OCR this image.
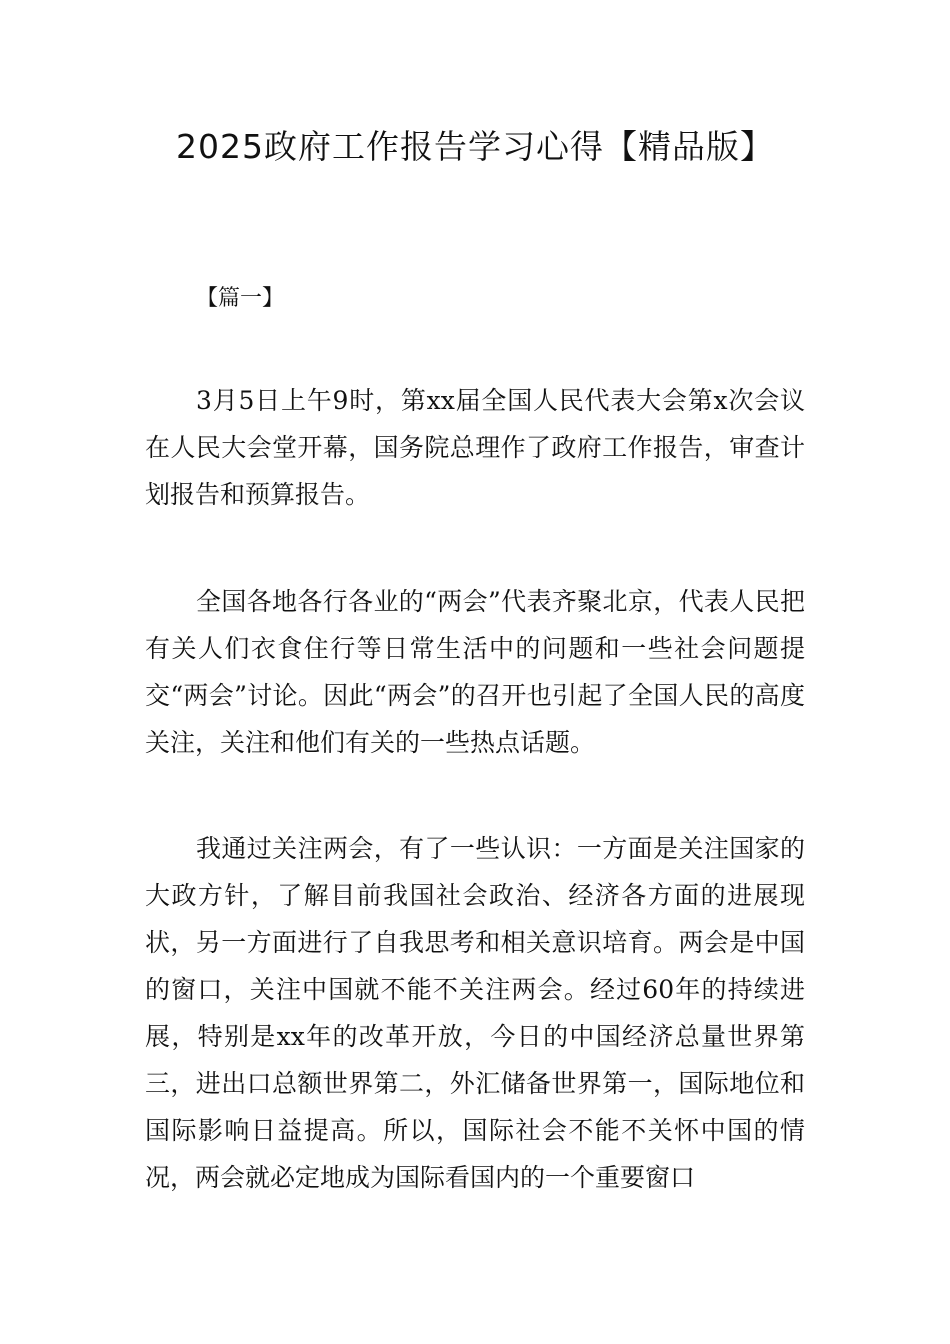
2025政府工作报告学习心得【精品版】
【篇一】

3月5日上午9时，第xx届全国人民代表大会第x次会议在人民大会堂开幕，国务院总理作了政府工作报告，审查计划报告和预算报告。

全国各地各行各业的“两会”代表齐聚北京，代表人民把有关人们衣食住行等日常生活中的问题和一些社会问题提交“两会”讨论。因此“两会”的召开也引起了全国人民的高度关注，关注和他们有关的一些热点话题。

我通过关注两会，有了一些认识：一方面是关注国家的大政方针，了解目前我国社会政治、经济各方面的进展现状，另一方面进行了自我思考和相关意识培育。两会是中国的窗口，关注中国就不能不关注两会。经过60年的持续进展，特别是xx年的改革开放，今日的中国经济总量世界第三，进出口总额世界第二，外汇储备世界第一，国际地位和国际影响日益提高。所以，国际社会不能不关怀中国的情况，两会就必定地成为国际看国内的一个重要窗口
